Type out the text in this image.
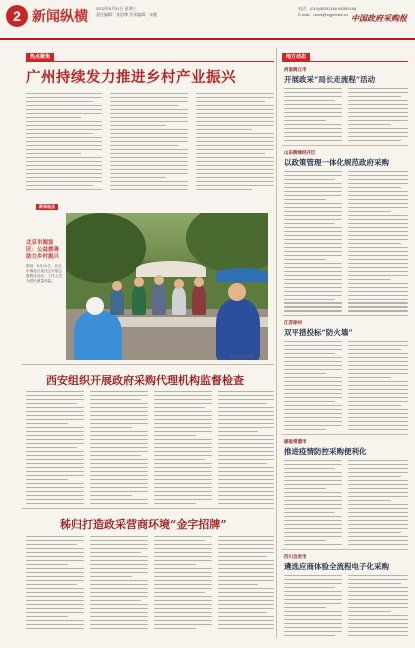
2 新闻纵横
2022年8月31日 星期三
责任编辑：张思博 美术编辑：宋健
电话：(010)68392166 68392168
E-mail：news@cgpnews.cn 中国政府采购报
热点聚焦
广州持续发力推进乡村产业振兴
新华视点
北京市海淀区：公益慈善 助力乡村振兴
图说：8月20日，北京市海淀区某社区开展志愿服务活动，工作人员为居民测量体温。
新华社记者 摄
西安组织开展政府采购代理机构监督检查
秭归打造政采营商环境“金字招牌”
地方动态
河南商丘市
开展政采“局长走流程”活动
山东聊城经开区
以政策管理一体化规范政府采购
江苏徐州
双平措投标“防火墙”
湖南常德市
推进疫情防控采购便利化
四川自贡市
遴选应商体验全流程电子化采购
